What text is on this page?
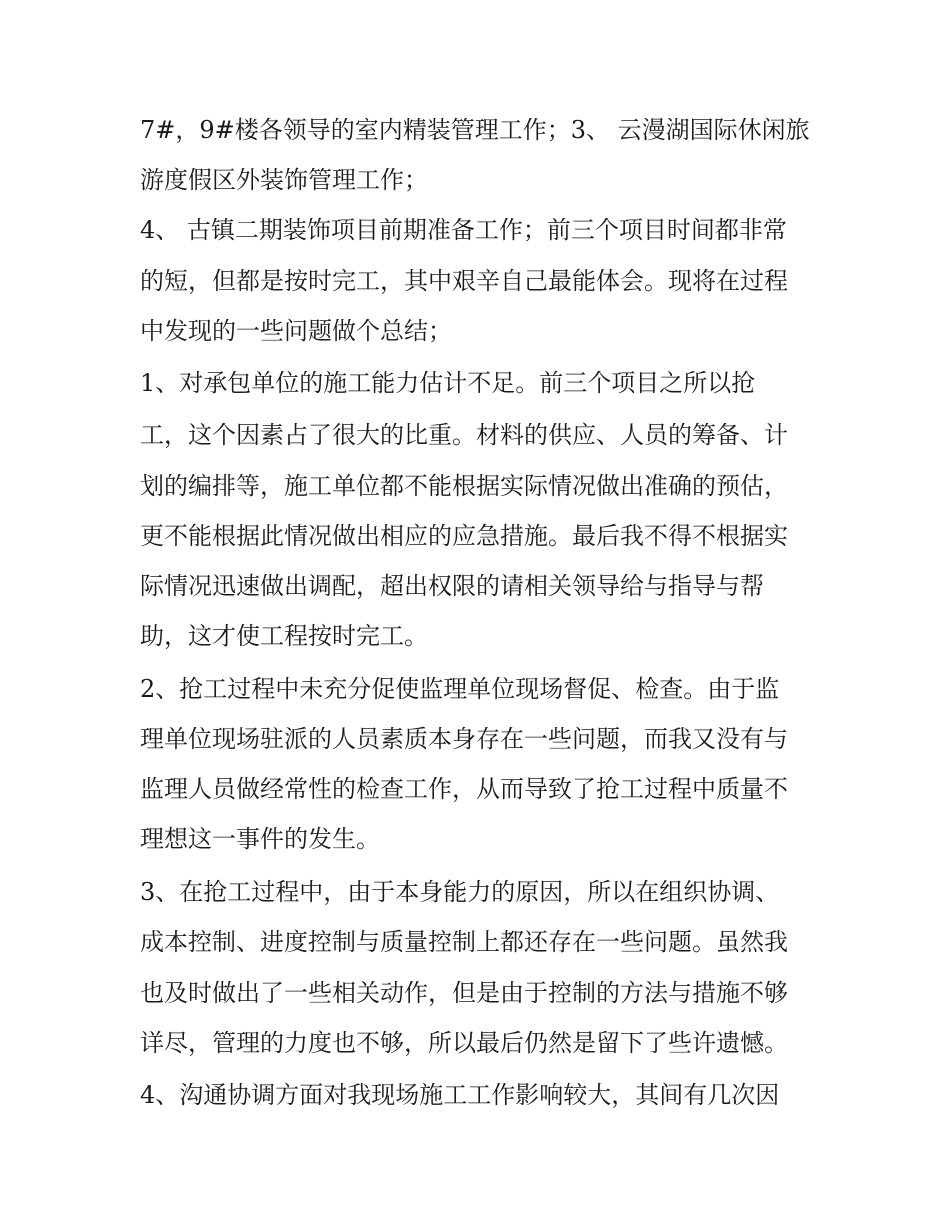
7#，9#楼各领导的室内精装管理工作；3、 云漫湖国际休闲旅
游度假区外装饰管理工作；
4、 古镇二期装饰项目前期准备工作；前三个项目时间都非常
的短，但都是按时完工，其中艰辛自己最能体会。现将在过程
中发现的一些问题做个总结；
1、对承包单位的施工能力估计不足。前三个项目之所以抢
工，这个因素占了很大的比重。材料的供应、人员的筹备、计
划的编排等，施工单位都不能根据实际情况做出准确的预估，
更不能根据此情况做出相应的应急措施。最后我不得不根据实
际情况迅速做出调配，超出权限的请相关领导给与指导与帮
助，这才使工程按时完工。
2、抢工过程中未充分促使监理单位现场督促、检查。由于监
理单位现场驻派的人员素质本身存在一些问题，而我又没有与
监理人员做经常性的检查工作，从而导致了抢工过程中质量不
理想这一事件的发生。
3、在抢工过程中，由于本身能力的原因，所以在组织协调、
成本控制、进度控制与质量控制上都还存在一些问题。虽然我
也及时做出了一些相关动作，但是由于控制的方法与措施不够
详尽，管理的力度也不够，所以最后仍然是留下了些许遗憾。
4、沟通协调方面对我现场施工工作影响较大，其间有几次因
